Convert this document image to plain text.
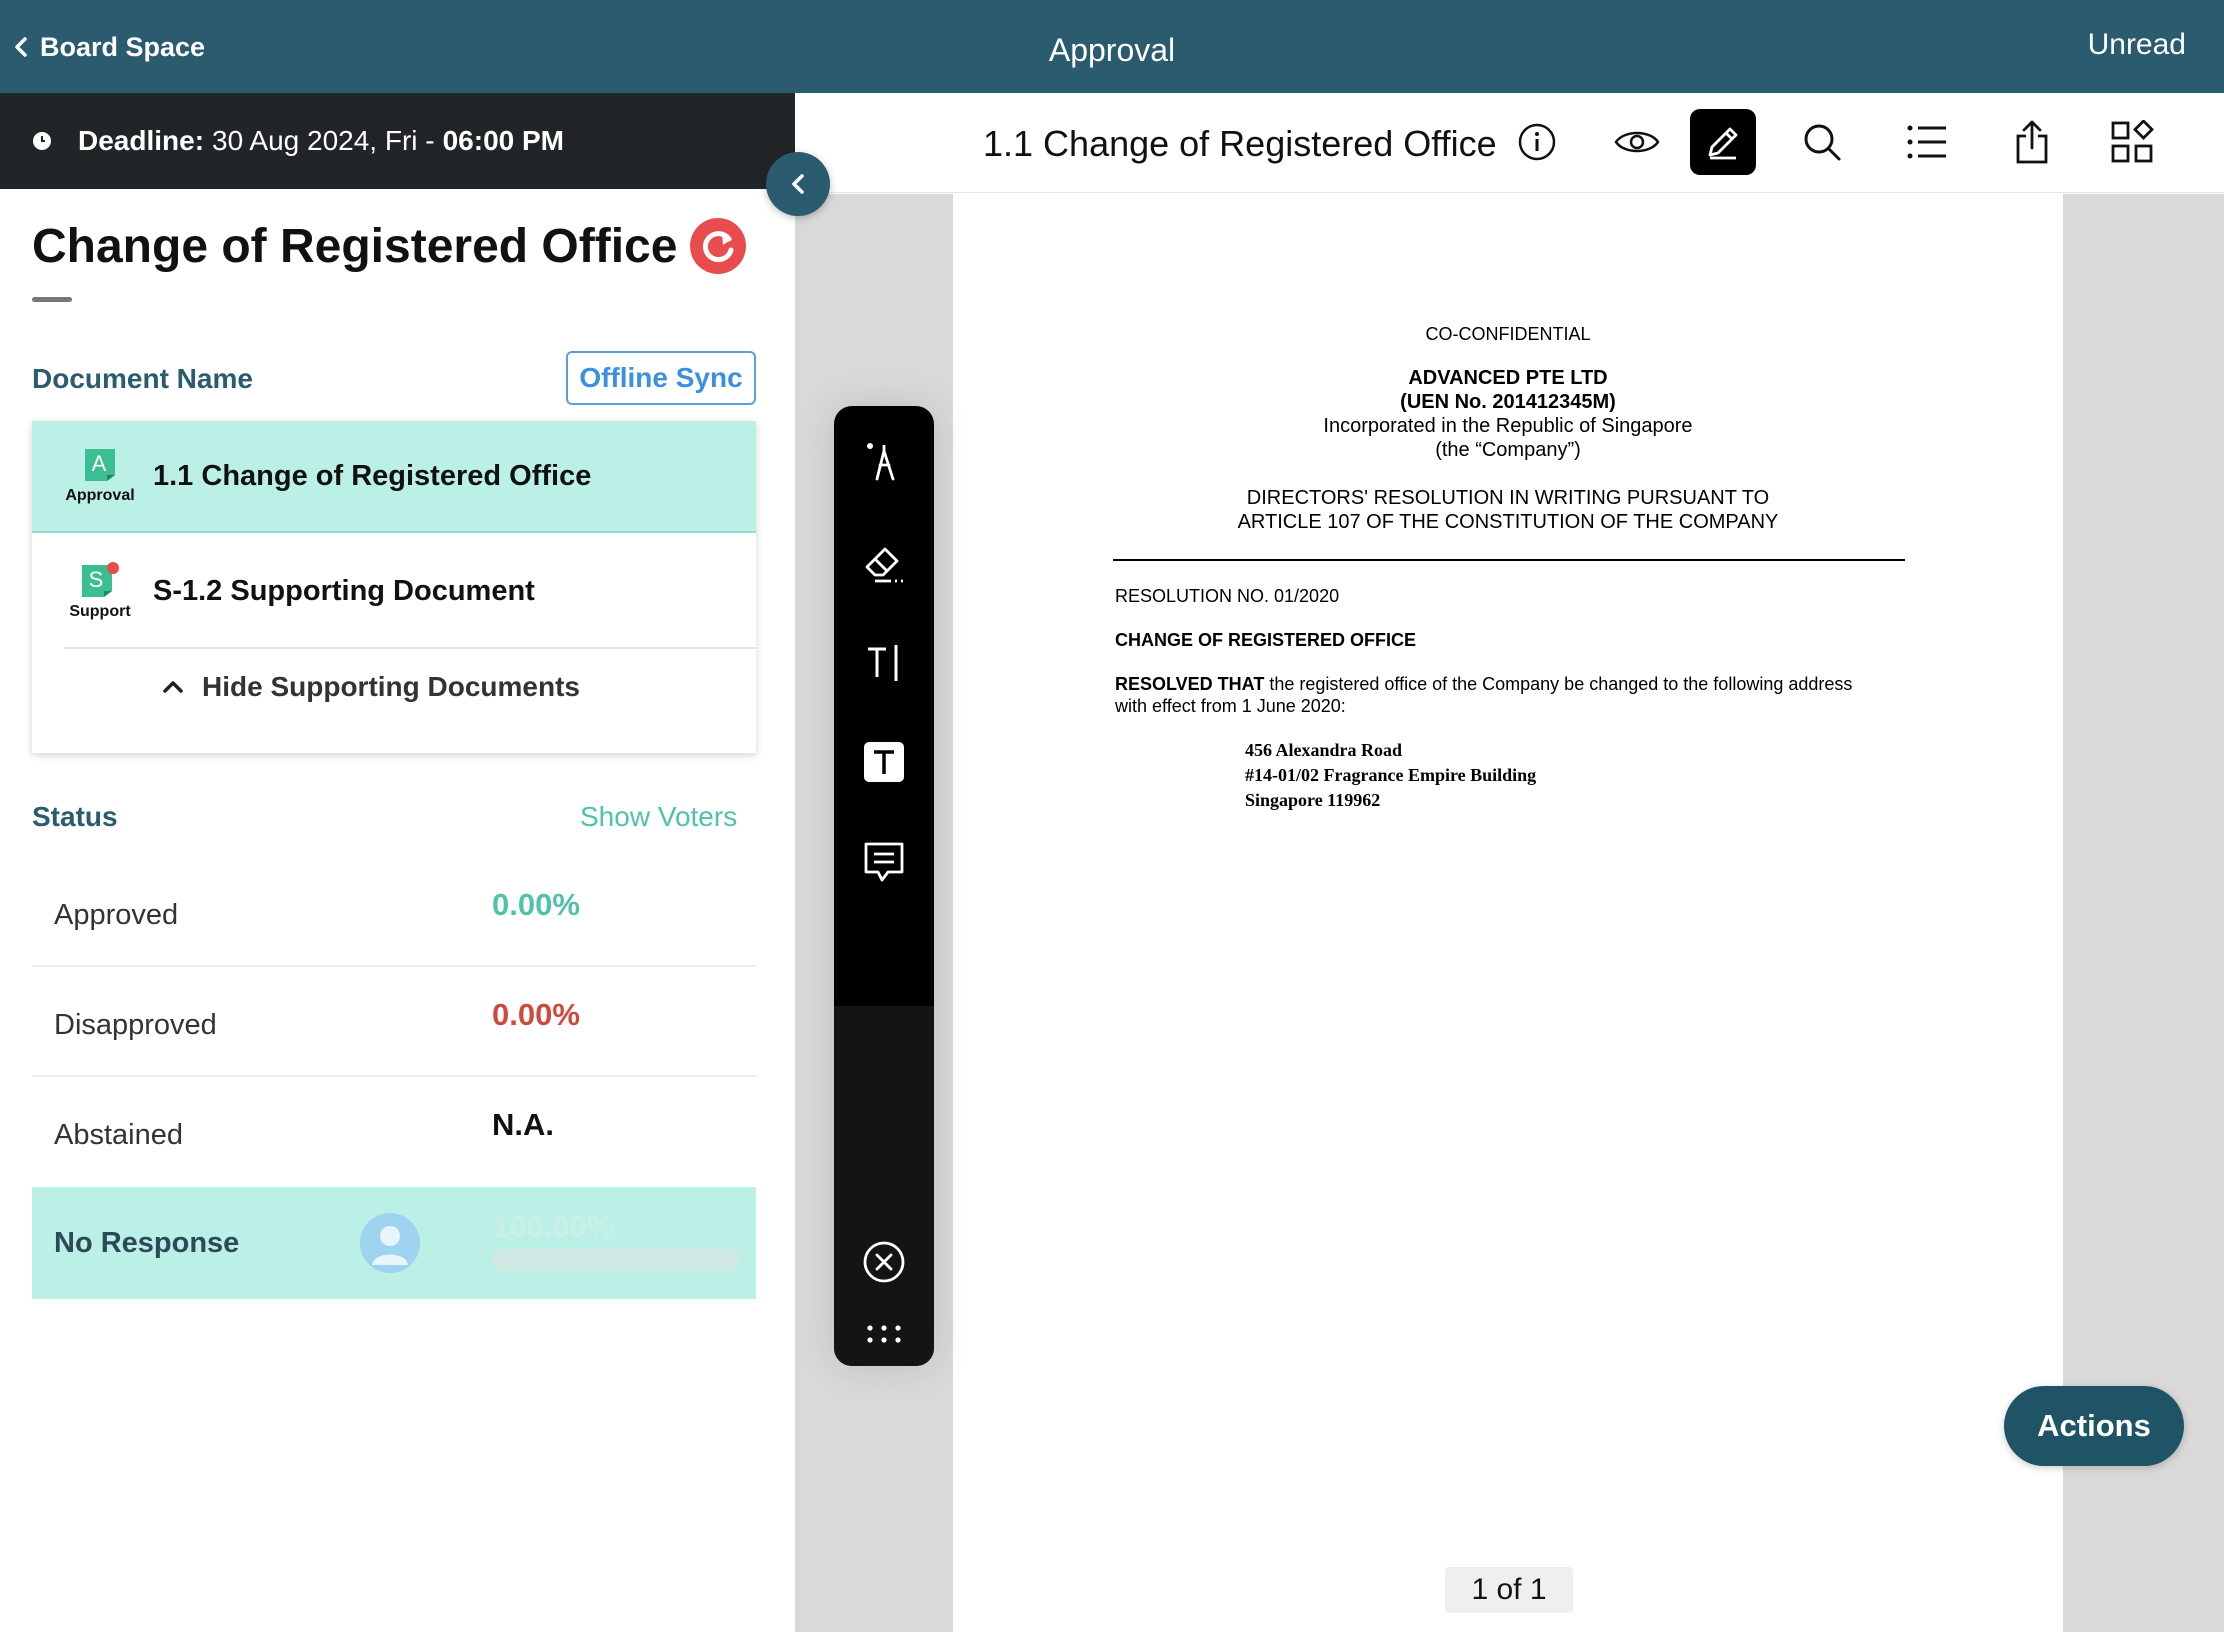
Board Space	Approval	Unread
Deadline: 30 Aug 2024, Fri - 06:00 PM
Change of Registered Office
Document Name	Offline Sync
A
Approval
1.1 Change of Registered Office
S
Support
S-1.2 Supporting Document
Hide Supporting Documents
Status	Show Voters
Approved	0.00%
Disapproved	0.00%
Abstained	N.A.
No Response	100.00%
1.1 Change of Registered Office
CO-CONFIDENTIAL
ADVANCED PTE LTD
(UEN No. 201412345M)
Incorporated in the Republic of Singapore
(the “Company”)
DIRECTORS' RESOLUTION IN WRITING PURSUANT TO
ARTICLE 107 OF THE CONSTITUTION OF THE COMPANY
RESOLUTION NO. 01/2020
CHANGE OF REGISTERED OFFICE
RESOLVED THAT the registered office of the Company be changed to the following address
with effect from 1 June 2020:
456 Alexandra Road
#14-01/02 Fragrance Empire Building
Singapore 119962
1 of 1
Actions
